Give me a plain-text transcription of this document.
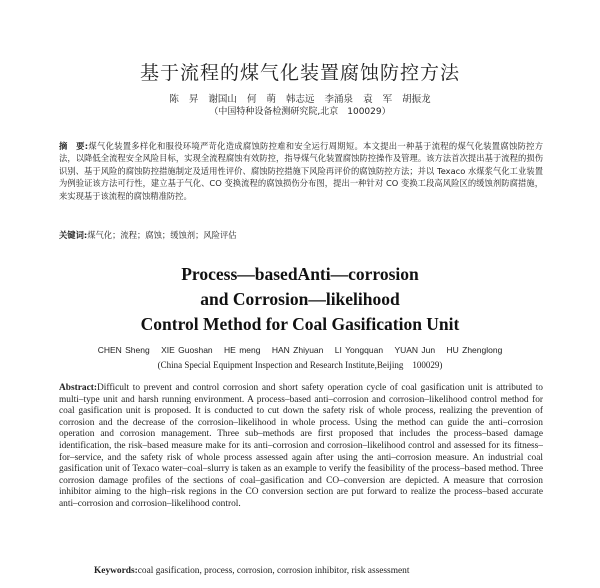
基于流程的煤气化装置腐蚀防控方法
陈 昇 谢国山 何 萌 韩志远 李涌泉 袁 军 胡振龙
（中国特种设备检测研究院,北京　100029）
摘　要:煤气化装置多样化和服役环境严苛化造成腐蚀防控难和安全运行周期短。本文提出一种基于流程的煤气化装置腐蚀防控方法，以降低全流程安全风险目标，实现全流程腐蚀有效防控，指导煤气化装置腐蚀防控操作及管理。该方法首次提出基于流程的损伤识别、基于风险的腐蚀防控措施制定及适用性评价、腐蚀防控措施下风险再评价的腐蚀防控方法；并以 Texaco 水煤浆气化工业装置为例验证该方法可行性，建立基于气化、CO 变换流程的腐蚀损伤分布图，提出一种针对 CO 变换工段高风险区的缓蚀剂防腐措施，来实现基于该流程的腐蚀精准防控。
关键词:煤气化；流程；腐蚀；缓蚀剂；风险评估
Process—basedAnti—corrosion
and Corrosion—likelihood
Control Method for Coal Gasification Unit
CHEN Sheng XIE Guoshan HE meng HAN Zhiyuan LI Yongquan YUAN Jun HU Zhenglong
(China Special Equipment Inspection and Research Institute,Beijing　100029)
Abstract:Difficult to prevent and control corrosion and short safety operation cycle of coal gasification unit is attributed to multi–type unit and harsh running environment. A process–based anti–corrosion and corrosion–likelihood control method for coal gasification unit is proposed. It is conducted to cut down the safety risk of whole process, realizing the prevention of corrosion and the decrease of the corrosion–likelihood in whole process. Using the method can guide the anti–corrosion operation and corrosion management. Three sub–methods are first proposed that includes the process–based damage identification, the risk–based measure make for its anti–corrosion and corrosion–likelihood control and assessed for its fitness–for–service, and the safety risk of whole process assessed again after using the anti–corrosion measure. An industrial coal gasification unit of Texaco water–coal–slurry is taken as an example to verify the feasibility of the process–based method. Three corrosion damage profiles of the sections of coal–gasification and CO–conversion are depicted. A measure that corrosion inhibitor aiming to the high–risk regions in the CO conversion section are put forward to realize the process–based accurate anti–corrosion and corrosion–likelihood control.
Keywords:coal gasification, process, corrosion, corrosion inhibitor, risk assessment
